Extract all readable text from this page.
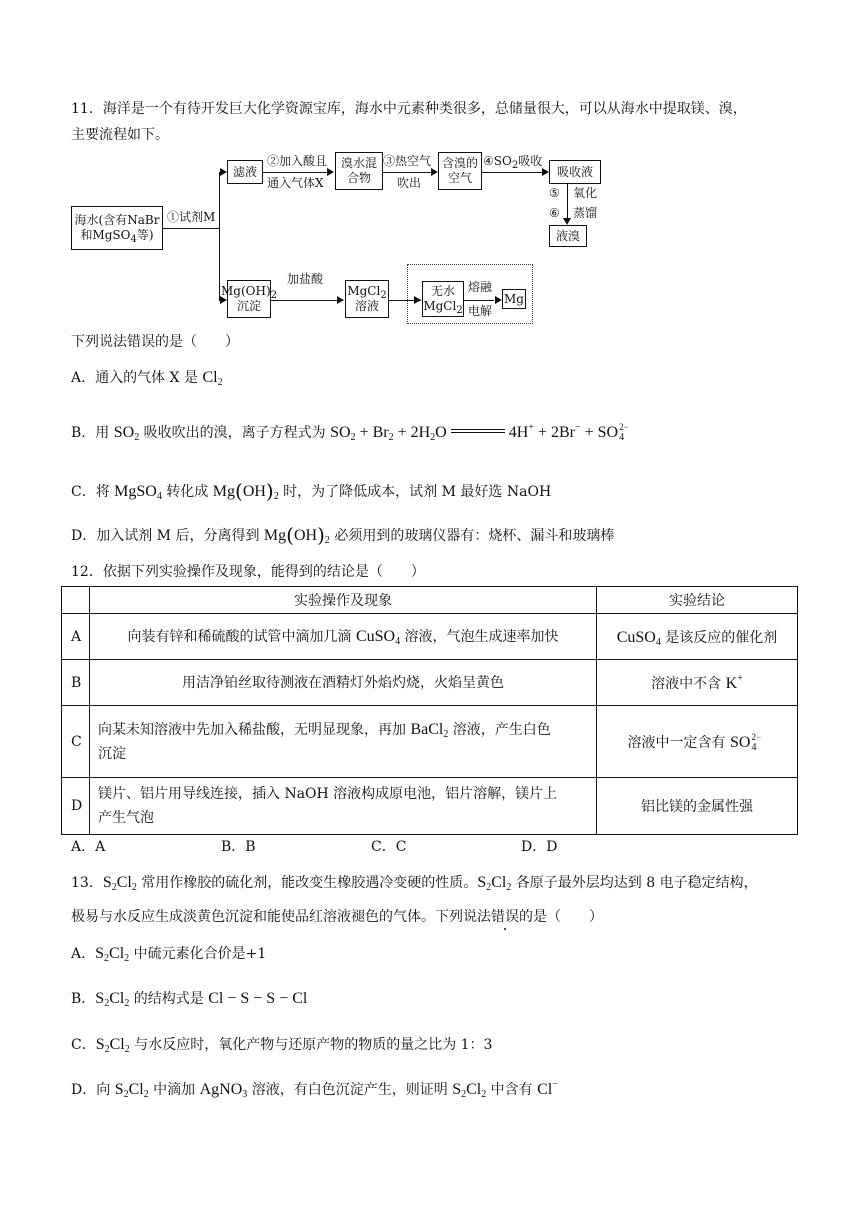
11．海洋是一个有待开发巨大化学资源宝库，海水中元素种类很多，总储量很大，可以从海水中提取镁、溴，
主要流程如下。
海水(含有NaBr
和MgSO$_4$等)
①试剂M
滤液
②加入酸且
通入气体X
溴水混
合物
③热空气
吹出
含溴的
空气
$④SO_2$吸收
吸收液
⑤ 氧化
⑥ 蒸馏
液溴
$Mg(OH)_2$
沉淀
加盐酸
MgCl$_2$
溶液
无水
MgCl$_2$
熔融
电解
Mg
下列说法错误的是（　　）
A．通入的气体 X 是 $Cl_2$
B．用 $SO_2$ 吸收吹出的溴，离子方程式为 $SO_2 + Br_2 + 2H_2O$	4H+ + 2Br− + SO 2−
4
C．将 MgSO$_4$ 转化成 $Mg(OH)_2$ 时，为了降低成本，试剂 M 最好选 NaOH
D．加入试剂 M 后，分离得到 $Mg(OH)_2$ 必须用到的玻璃仪器有：烧杯、漏斗和玻璃棒
12．依据下列实验操作及现象，能得到的结论是（　　）
	实验操作及现象	实验结论
A	向装有锌和稀硫酸的试管中滴加几滴 CuSO$_4$ 溶液，气泡生成速率加快	CuSO$_4$ 是该反应的催化剂
B	用洁净铂丝取待测液在酒精灯外焰灼烧，火焰呈黄色	溶液中不含 K+
C	向某未知溶液中先加入稀盐酸，无明显现象，再加 BaCl$_2$ 溶液，产生白色
沉淀	溶液中一定含有 SO 2−
4

D	镁片、铝片用导线连接，插入 NaOH 溶液构成原电池，铝片溶解，镁片上
产生气泡	铝比镁的金属性强
A．A	B．B	C．C	D．D
13．$S_2Cl_2$ 常用作橡胶的硫化剂，能改变生橡胶遇冷变硬的性质。$S_2Cl_2$ 各原子最外层均达到 8 电子稳定结构，
极易与水反应生成淡黄色沉淀和能使品红溶液褪色的气体。下列说法错误的是（　　）
A．$S_2Cl_2$ 中硫元素化合价是+1
B．$S_2Cl_2$ 的结构式是 Cl − S − S − Cl
C．$S_2Cl_2$ 与水反应时，氧化产物与还原产物的物质的量之比为 1：3
D．向 $S_2Cl_2$ 中滴加 AgNO$_3$ 溶液，有白色沉淀产生，则证明 $S_2Cl_2$ 中含有 Cl−
